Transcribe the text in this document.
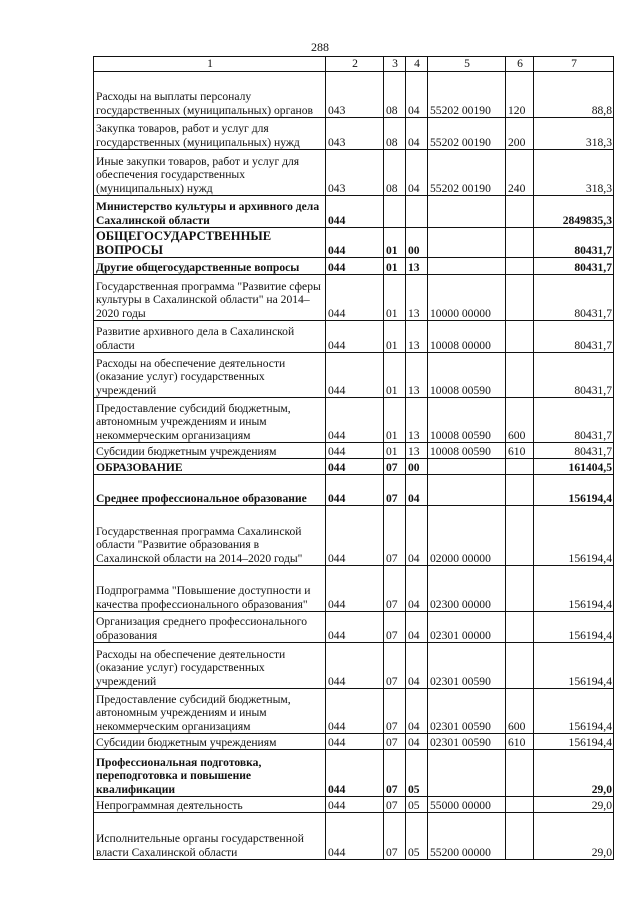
288
1	2	3	4	5	6	7
Расходы на выплаты персоналу государственных (муниципальных) органов	043	08	04	55202 00190	120	88,8
Закупка товаров, работ и услуг для государственных (муниципальных) нужд	043	08	04	55202 00190	200	318,3
Иные закупки товаров, работ и услуг для обеспечения государственных (муниципальных) нужд	043	08	04	55202 00190	240	318,3
Министерство культуры и архивного дела Сахалинской области	044					2849835,3
ОБЩЕГОСУДАРСТВЕННЫЕ ВОПРОСЫ	044	01	00			80431,7
Другие общегосударственные вопросы	044	01	13			80431,7
Государственная программа "Развитие сферы культуры в Сахалинской области" на 2014–2020 годы	044	01	13	10000 00000		80431,7
Развитие архивного дела в Сахалинской области	044	01	13	10008 00000		80431,7
Расходы на обеспечение деятельности (оказание услуг) государственных учреждений	044	01	13	10008 00590		80431,7
Предоставление субсидий бюджетным, автономным учреждениям и иным некоммерческим организациям	044	01	13	10008 00590	600	80431,7
Субсидии бюджетным учреждениям	044	01	13	10008 00590	610	80431,7
ОБРАЗОВАНИЕ	044	07	00			161404,5
Среднее профессиональное образование	044	07	04			156194,4
Государственная программа Сахалинской области "Развитие образования в Сахалинской области на 2014–2020 годы"	044	07	04	02000 00000		156194,4
Подпрограмма "Повышение доступности и качества профессионального образования"	044	07	04	02300 00000		156194,4
Организация среднего профессионального образования	044	07	04	02301 00000		156194,4
Расходы на обеспечение деятельности (оказание услуг) государственных учреждений	044	07	04	02301 00590		156194,4
Предоставление субсидий бюджетным, автономным учреждениям и иным некоммерческим организациям	044	07	04	02301 00590	600	156194,4
Субсидии бюджетным учреждениям	044	07	04	02301 00590	610	156194,4
Профессиональная подготовка, переподготовка и повышение квалификации	044	07	05			29,0
Непрограммная деятельность	044	07	05	55000 00000		29,0
Исполнительные органы государственной власти Сахалинской области	044	07	05	55200 00000		29,0
